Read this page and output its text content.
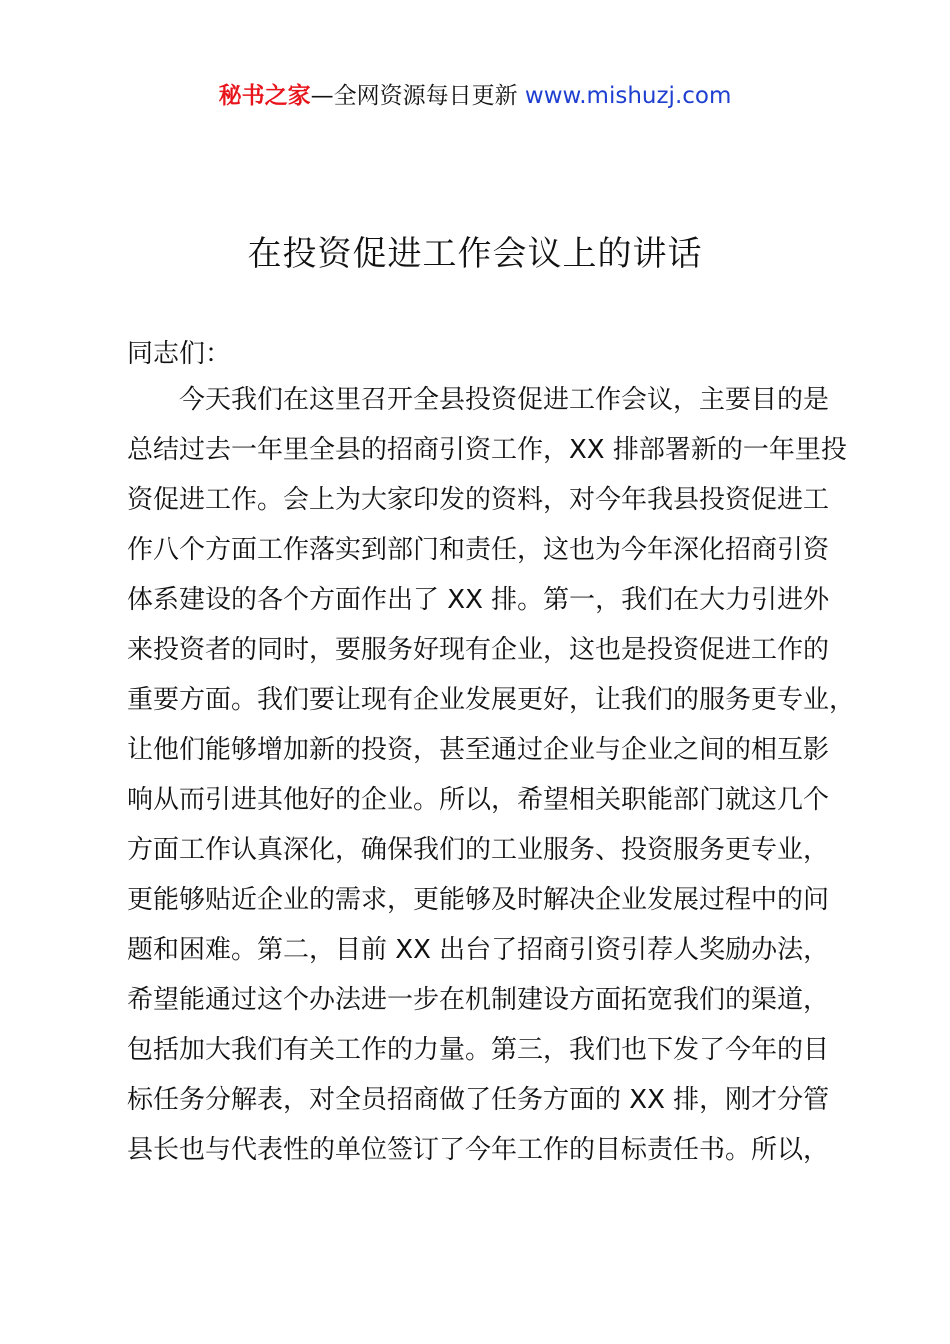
秘书之家—全网资源每日更新 www.mishuzj.com
在投资促进工作会议上的讲话

同志们：

今天我们在这里召开全县投资促进工作会议，主要目的是
总结过去一年里全县的招商引资工作，XX 排部署新的一年里投
资促进工作。会上为大家印发的资料，对今年我县投资促进工
作八个方面工作落实到部门和责任，这也为今年深化招商引资
体系建设的各个方面作出了 XX 排。第一，我们在大力引进外
来投资者的同时，要服务好现有企业，这也是投资促进工作的
重要方面。我们要让现有企业发展更好，让我们的服务更专业，
让他们能够增加新的投资，甚至通过企业与企业之间的相互影
响从而引进其他好的企业。所以，希望相关职能部门就这几个
方面工作认真深化，确保我们的工业服务、投资服务更专业，
更能够贴近企业的需求，更能够及时解决企业发展过程中的问
题和困难。第二，目前 XX 出台了招商引资引荐人奖励办法，
希望能通过这个办法进一步在机制建设方面拓宽我们的渠道，
包括加大我们有关工作的力量。第三，我们也下发了今年的目
标任务分解表，对全员招商做了任务方面的 XX 排，刚才分管
县长也与代表性的单位签订了今年工作的目标责任书。所以，
